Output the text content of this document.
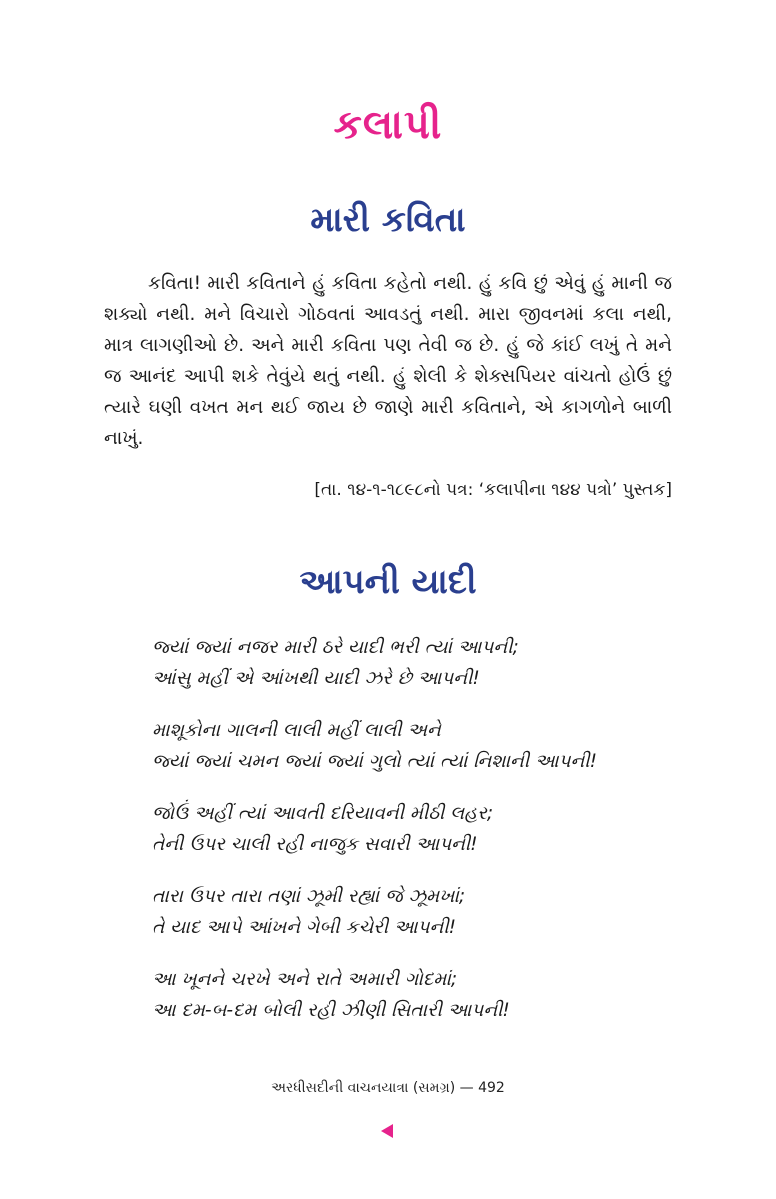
કલાપી
મારી કવિતા

કવિતા! મારી કવિતાને હું કવિતા કહેતો નથી. હું કવિ છું એવું હું માની જ શક્યો નથી. મને વિચારો ગોઠવતાં આવડતું નથી. મારા જીવનમાં કલા નથી, માત્ર લાગણીઓ છે. અને મારી કવિતા પણ તેવી જ છે. હું જે કાંઈ લખું તે મને જ આનંદ આપી શકે તેવુંયે થતું નથી. હું શેલી કે શેક્સપિયર વાંચતો હોઉં છું ત્યારે ઘણી વખત મન થઈ જાય છે જાણે મારી કવિતાને, એ કાગળોને બાળી નાખું.

[તા. ૧૪-૧-૧૮૯૮નો પત્ર: ‘કલાપીના ૧૪૪ પત્રો’ પુસ્તક]
આપની યાદી
જ્યાં જ્યાં નજર મારી ઠરે યાદી ભરી ત્યાં આપની;
આંસુ મહીં એ આંખથી યાદી ઝરે છે આપની!
માશૂકોના ગાલની લાલી મહીં લાલી અને
જ્યાં જ્યાં ચમન જ્યાં જ્યાં ગુલો ત્યાં ત્યાં નિશાની આપની!
જોઉં અહીં ત્યાં આવતી દરિયાવની મીઠી લહર;
તેની ઉપર ચાલી રહી નાજુક સવારી આપની!
તારા ઉપર તારા તણાં ઝૂમી રહ્યાં જે ઝૂમખાં;
તે યાદ આપે આંખને ગેબી કચેરી આપની!
આ ખૂનને ચરખે અને રાતે અમારી ગોદમાં;
આ દમ-બ-દમ બોલી રહી ઝીણી સિતારી આપની!
અરધીસદીની વાચનયાત્રા (સમગ્ર) — 492
